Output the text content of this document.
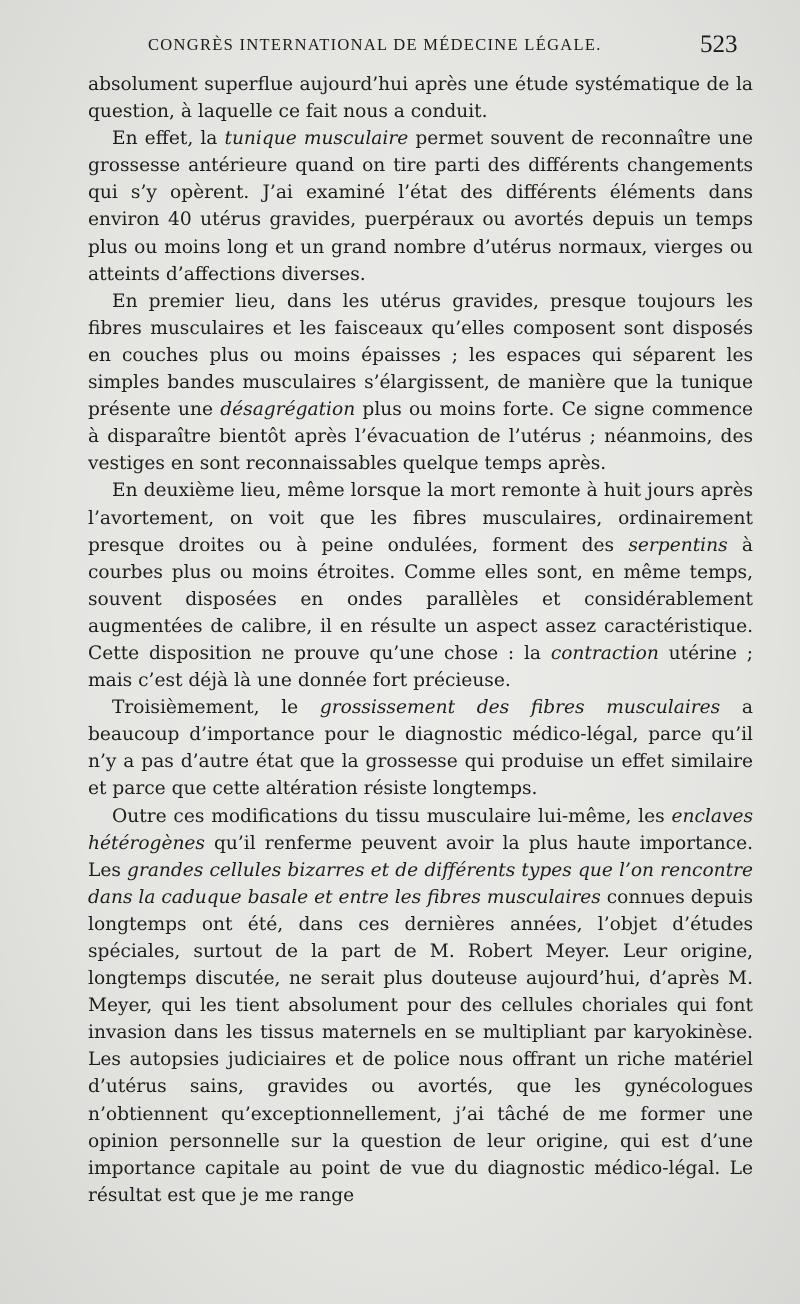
CONGRÈS INTERNATIONAL DE MÉDECINE LÉGALE.	523

absolument superflue aujourd’hui après une étude systématique de la question, à laquelle ce fait nous a conduit.

En effet, la tunique musculaire permet souvent de reconnaître une grossesse antérieure quand on tire parti des différents changements qui s’y opèrent. J’ai examiné l’état des différents éléments dans environ 40 utérus gravides, puerpéraux ou avortés depuis un temps plus ou moins long et un grand nombre d’utérus normaux, vierges ou atteints d’affections diverses.

En premier lieu, dans les utérus gravides, presque toujours les fibres musculaires et les faisceaux qu’elles composent sont disposés en couches plus ou moins épaisses ; les espaces qui séparent les simples bandes musculaires s’élargissent, de manière que la tunique présente une désagrégation plus ou moins forte. Ce signe commence à disparaître bientôt après l’évacuation de l’utérus ; néanmoins, des vestiges en sont reconnaissables quelque temps après.

En deuxième lieu, même lorsque la mort remonte à huit jours après l’avortement, on voit que les fibres musculaires, ordinairement presque droites ou à peine ondulées, forment des serpentins à courbes plus ou moins étroites. Comme elles sont, en même temps, souvent disposées en ondes parallèles et considérablement augmentées de calibre, il en résulte un aspect assez caractéristique. Cette disposition ne prouve qu’une chose : la contraction utérine ; mais c’est déjà là une donnée fort précieuse.

Troisièmement, le grossissement des fibres musculaires a beaucoup d’importance pour le diagnostic médico-légal, parce qu’il n’y a pas d’autre état que la grossesse qui produise un effet similaire et parce que cette altération résiste longtemps.

Outre ces modifications du tissu musculaire lui-même, les enclaves hétérogènes qu’il renferme peuvent avoir la plus haute importance. Les grandes cellules bizarres et de différents types que l’on rencontre dans la caduque basale et entre les fibres musculaires connues depuis longtemps ont été, dans ces dernières années, l’objet d’études spéciales, surtout de la part de M. Robert Meyer. Leur origine, longtemps discutée, ne serait plus douteuse aujourd’hui, d’après M. Meyer, qui les tient absolument pour des cellules choriales qui font invasion dans les tissus maternels en se multipliant par karyokinèse. Les autopsies judiciaires et de police nous offrant un riche matériel d’utérus sains, gravides ou avortés, que les gynécologues n’obtiennent qu’exceptionnellement, j’ai tâché de me former une opinion personnelle sur la question de leur origine, qui est d’une importance capitale au point de vue du diagnostic médico-légal. Le résultat est que je me range
